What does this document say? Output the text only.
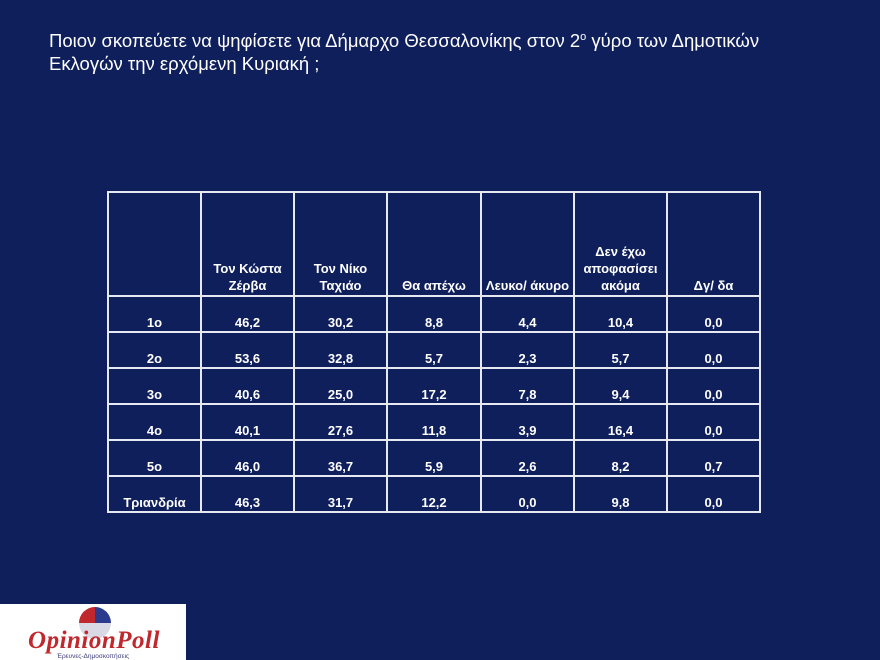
Ποιον σκοπεύετε να ψηφίσετε για Δήμαρχο Θεσσαλονίκης στον $2^o$ γύρο των Δημοτικών
Εκλογών την ερχόμενη Κυριακή ;
	Τον Κώστα Ζέρβα	Τον Νίκο Ταχιάο	Θα απέχω	Λευκο/ άκυρο	Δεν έχω αποφασίσει ακόμα	Δγ/ δα
1ο	46,2	30,2	8,8	4,4	10,4	0,0
2ο	53,6	32,8	5,7	2,3	5,7	0,0
3ο	40,6	25,0	17,2	7,8	9,4	0,0
4ο	40,1	27,6	11,8	3,9	16,4	0,0
5ο	46,0	36,7	5,9	2,6	8,2	0,7
Τριανδρία	46,3	31,7	12,2	0,0	9,8	0,0
OpinionPoll
Έρευνες-Δημοσκοπήσεις
